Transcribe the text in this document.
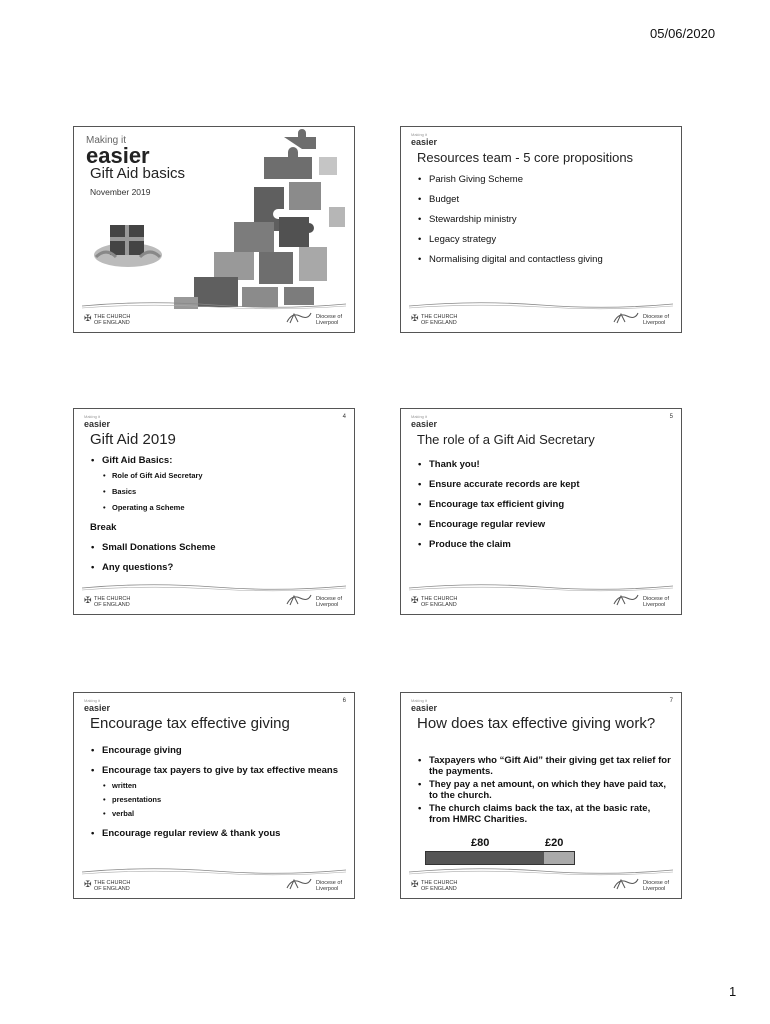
05/06/2020
Making it
easier
Gift Aid basics
November 2019
✠ THE CHURCH
OF ENGLAND
Diocese of
Liverpool
Making it
easier
Resources team - 5 core propositions
• Parish Giving Scheme
• Budget
• Stewardship ministry
• Legacy strategy
• Normalising digital and contactless giving
✠ THE CHURCH
OF ENGLAND
Diocese of
Liverpool
Making it
easier
4
Gift Aid 2019
• Gift Aid Basics:
• Role of Gift Aid Secretary
• Basics
• Operating a Scheme
Break
• Small Donations Scheme
• Any questions?
✠ THE CHURCH
OF ENGLAND
Diocese of
Liverpool
Making it
easier
5
The role of a Gift Aid Secretary
• Thank you!
• Ensure accurate records are kept
• Encourage tax efficient giving
• Encourage regular review
• Produce the claim
✠ THE CHURCH
OF ENGLAND
Diocese of
Liverpool
Making it
easier
6
Encourage tax effective giving
• Encourage giving
• Encourage tax payers to give by tax effective means
• written
• presentations
• verbal
• Encourage regular review & thank yous
✠ THE CHURCH
OF ENGLAND
Diocese of
Liverpool
Making it
easier
7
How does tax effective giving work?
• Taxpayers who “Gift Aid” their giving get tax relief for the payments.
• They pay a net amount, on which they have paid tax, to the church.
• The church claims back the tax, at the basic rate, from HMRC Charities.
£80	£20
✠ THE CHURCH
OF ENGLAND
Diocese of
Liverpool
1
